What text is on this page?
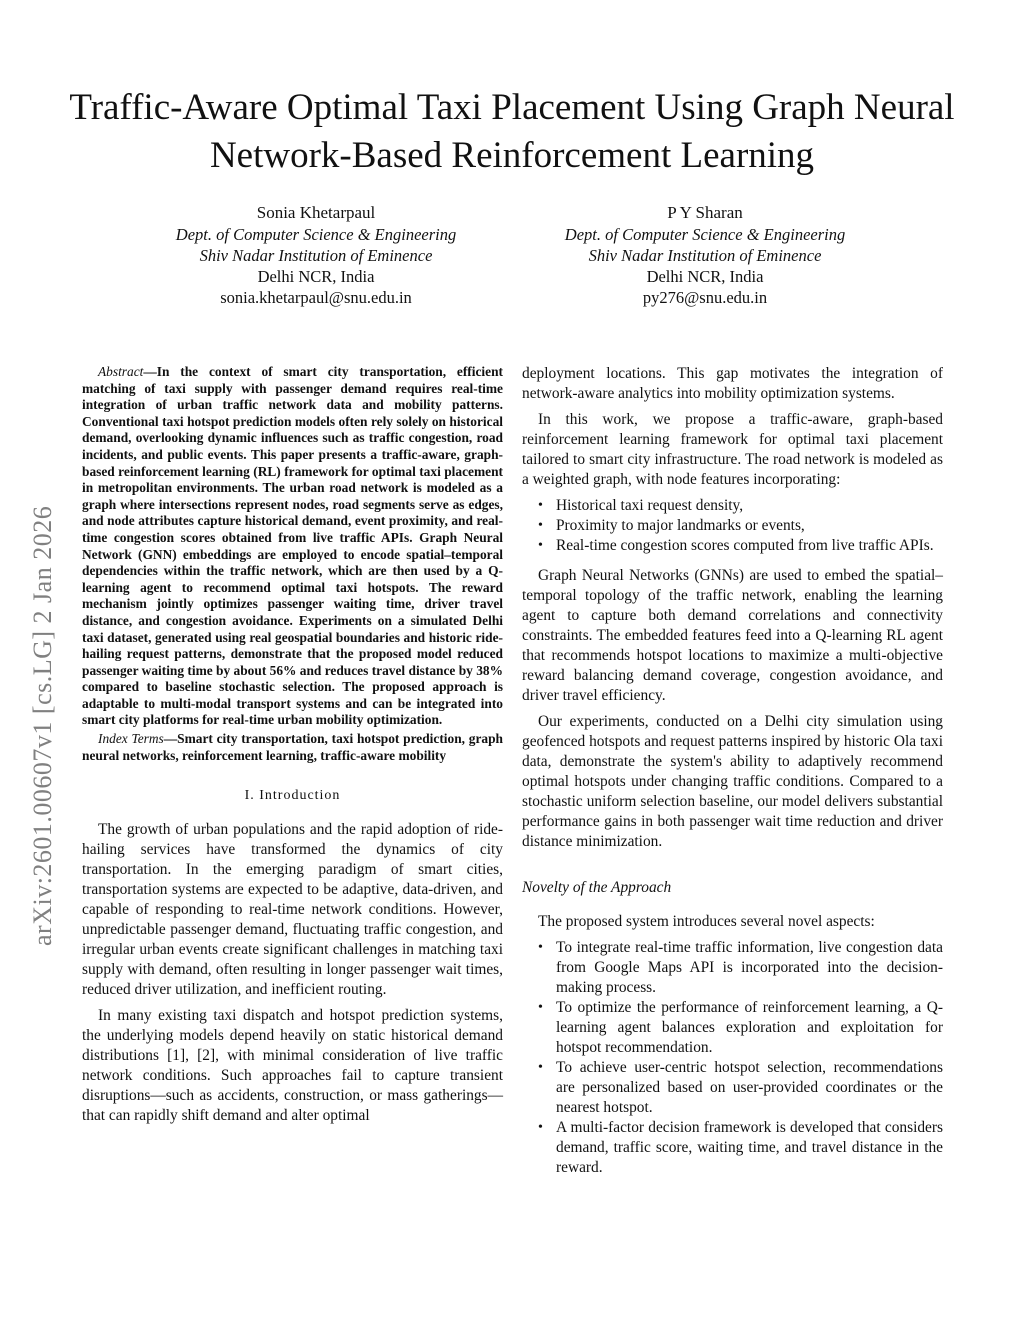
arXiv:2601.00607v1 [cs.LG] 2 Jan 2026
Traffic-Aware Optimal Taxi Placement Using Graph Neural Network-Based Reinforcement Learning
Sonia Khetarpaul
Dept. of Computer Science & Engineering
Shiv Nadar Institution of Eminence
Delhi NCR, India
sonia.khetarpaul@snu.edu.in
P Y Sharan
Dept. of Computer Science & Engineering
Shiv Nadar Institution of Eminence
Delhi NCR, India
py276@snu.edu.in

Abstract—In the context of smart city transportation, efficient matching of taxi supply with passenger demand requires real-time integration of urban traffic network data and mobility patterns. Conventional taxi hotspot prediction models often rely solely on historical demand, overlooking dynamic influences such as traffic congestion, road incidents, and public events. This paper presents a traffic-aware, graph-based reinforcement learning (RL) framework for optimal taxi placement in metropolitan environments. The urban road network is modeled as a graph where intersections represent nodes, road segments serve as edges, and node attributes capture historical demand, event proximity, and real-time congestion scores obtained from live traffic APIs. Graph Neural Network (GNN) embeddings are employed to encode spatial–temporal dependencies within the traffic network, which are then used by a Q-learning agent to recommend optimal taxi hotspots. The reward mechanism jointly optimizes passenger waiting time, driver travel distance, and congestion avoidance. Experiments on a simulated Delhi taxi dataset, generated using real geospatial boundaries and historic ride-hailing request patterns, demonstrate that the proposed model reduced passenger waiting time by about 56% and reduces travel distance by 38% compared to baseline stochastic selection. The proposed approach is adaptable to multi-modal transport systems and can be integrated into smart city platforms for real-time urban mobility optimization.

Index Terms—Smart city transportation, taxi hotspot prediction, graph neural networks, reinforcement learning, traffic-aware mobility

I. Introduction

The growth of urban populations and the rapid adoption of ride-hailing services have transformed the dynamics of city transportation. In the emerging paradigm of smart cities, transportation systems are expected to be adaptive, data-driven, and capable of responding to real-time network conditions. However, unpredictable passenger demand, fluctuating traffic congestion, and irregular urban events create significant challenges in matching taxi supply with demand, often resulting in longer passenger wait times, reduced driver utilization, and inefficient routing.

In many existing taxi dispatch and hotspot prediction systems, the underlying models depend heavily on static historical demand distributions [1], [2], with minimal consideration of live traffic network conditions. Such approaches fail to capture transient disruptions—such as accidents, construction, or mass gatherings—that can rapidly shift demand and alter optimal

deployment locations. This gap motivates the integration of network-aware analytics into mobility optimization systems.

In this work, we propose a traffic-aware, graph-based reinforcement learning framework for optimal taxi placement tailored to smart city infrastructure. The road network is modeled as a weighted graph, with node features incorporating:

• Historical taxi request density,
• Proximity to major landmarks or events,
• Real-time congestion scores computed from live traffic APIs.

Graph Neural Networks (GNNs) are used to embed the spatial–temporal topology of the traffic network, enabling the learning agent to capture both demand correlations and connectivity constraints. The embedded features feed into a Q-learning RL agent that recommends hotspot locations to maximize a multi-objective reward balancing demand coverage, congestion avoidance, and driver travel efficiency.

Our experiments, conducted on a Delhi city simulation using geofenced hotspots and request patterns inspired by historic Ola taxi data, demonstrate the system's ability to adaptively recommend optimal hotspots under changing traffic conditions. Compared to a stochastic uniform selection baseline, our model delivers substantial performance gains in both passenger wait time reduction and driver distance minimization.

Novelty of the Approach

The proposed system introduces several novel aspects:

• To integrate real-time traffic information, live congestion data from Google Maps API is incorporated into the decision-making process.
• To optimize the performance of reinforcement learning, a Q-learning agent balances exploration and exploitation for hotspot recommendation.
• To achieve user-centric hotspot selection, recommendations are personalized based on user-provided coordinates or the nearest hotspot.
• A multi-factor decision framework is developed that considers demand, traffic score, waiting time, and travel distance in the reward.
